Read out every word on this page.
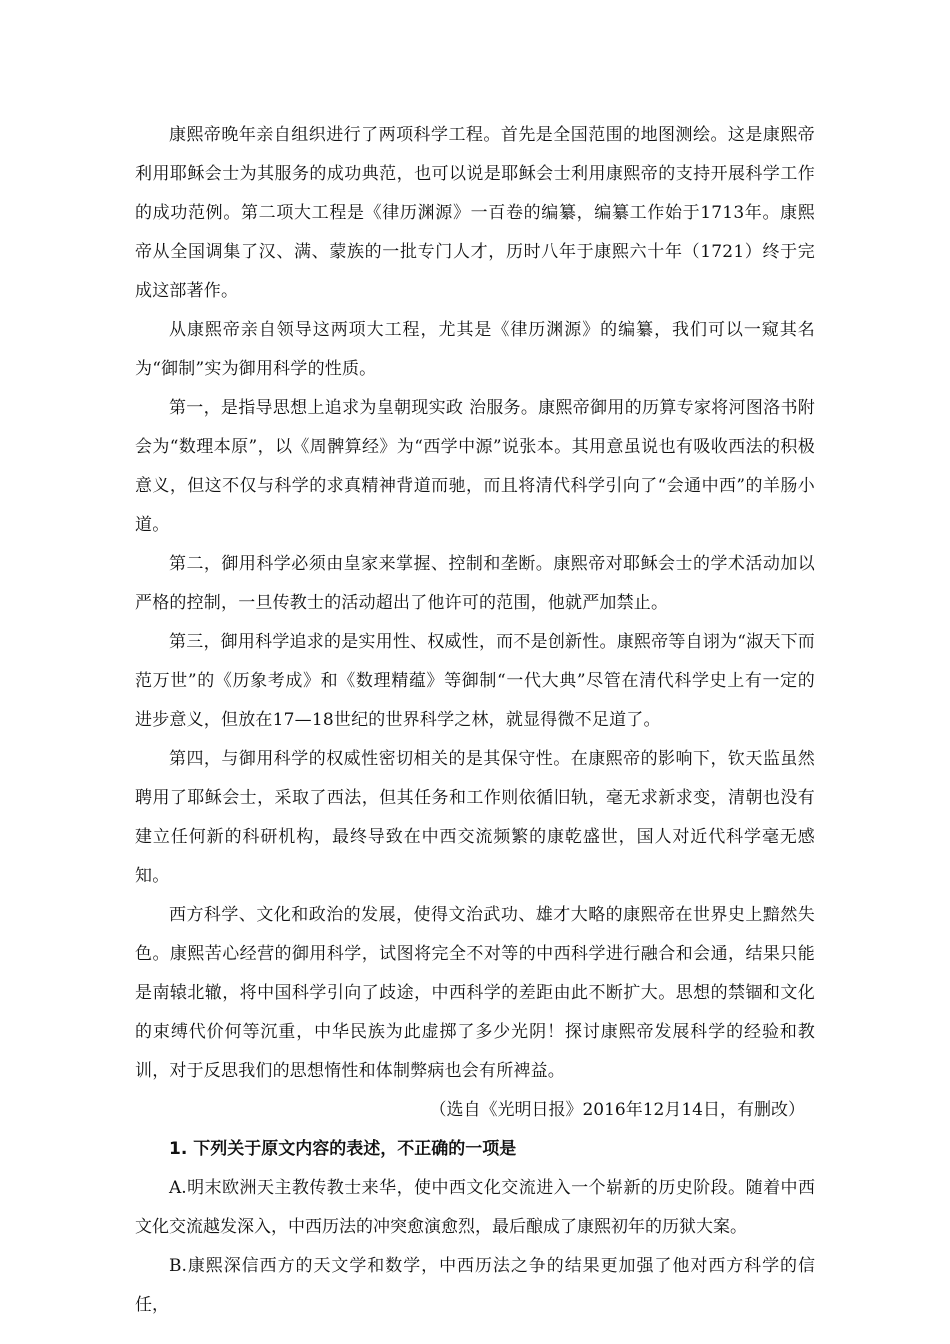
康熙帝晚年亲自组织进行了两项科学工程。首先是全国范围的地图测绘。这是康熙帝利用耶稣会士为其服务的成功典范，也可以说是耶稣会士利用康熙帝的支持开展科学工作的成功范例。第二项大工程是《律历渊源》一百卷的编纂，编纂工作始于1713年。康熙帝从全国调集了汉、满、蒙族的一批专门人才，历时八年于康熙六十年（1721）终于完成这部著作。

从康熙帝亲自领导这两项大工程，尤其是《律历渊源》的编纂，我们可以一窥其名为“御制”实为御用科学的性质。

第一，是指导思想上追求为皇朝现实政 治服务。康熙帝御用的历算专家将河图洛书附会为“数理本原”，以《周髀算经》为“西学中源”说张本。其用意虽说也有吸收西法的积极意义，但这不仅与科学的求真精神背道而驰，而且将清代科学引向了“会通中西”的羊肠小道。

第二，御用科学必须由皇家来掌握、控制和垄断。康熙帝对耶稣会士的学术活动加以严格的控制，一旦传教士的活动超出了他许可的范围，他就严加禁止。

第三，御用科学追求的是实用性、权威性，而不是创新性。康熙帝等自诩为“淑天下而范万世”的《历象考成》和《数理精蕴》等御制“一代大典”尽管在清代科学史上有一定的进步意义，但放在17—18世纪的世界科学之林，就显得微不足道了。

第四，与御用科学的权威性密切相关的是其保守性。在康熙帝的影响下，钦天监虽然聘用了耶稣会士，采取了西法，但其任务和工作则依循旧轨，毫无求新求变，清朝也没有建立任何新的科研机构，最终导致在中西交流频繁的康乾盛世，国人对近代科学毫无感知。

西方科学、文化和政治的发展，使得文治武功、雄才大略的康熙帝在世界史上黯然失色。康熙苦心经营的御用科学，试图将完全不对等的中西科学进行融合和会通，结果只能是南辕北辙，将中国科学引向了歧途，中西科学的差距由此不断扩大。思想的禁锢和文化的束缚代价何等沉重，中华民族为此虚掷了多少光阴！探讨康熙帝发展科学的经验和教训，对于反思我们的思想惰性和体制弊病也会有所裨益。

（选自《光明日报》2016年12月14日，有删改）

1. 下列关于原文内容的表述，不正确的一项是

A.明末欧洲天主教传教士来华，使中西文化交流进入一个崭新的历史阶段。随着中西文化交流越发深入，中西历法的冲突愈演愈烈，最后酿成了康熙初年的历狱大案。

B.康熙深信西方的天文学和数学，中西历法之争的结果更加强了他对西方科学的信任，
